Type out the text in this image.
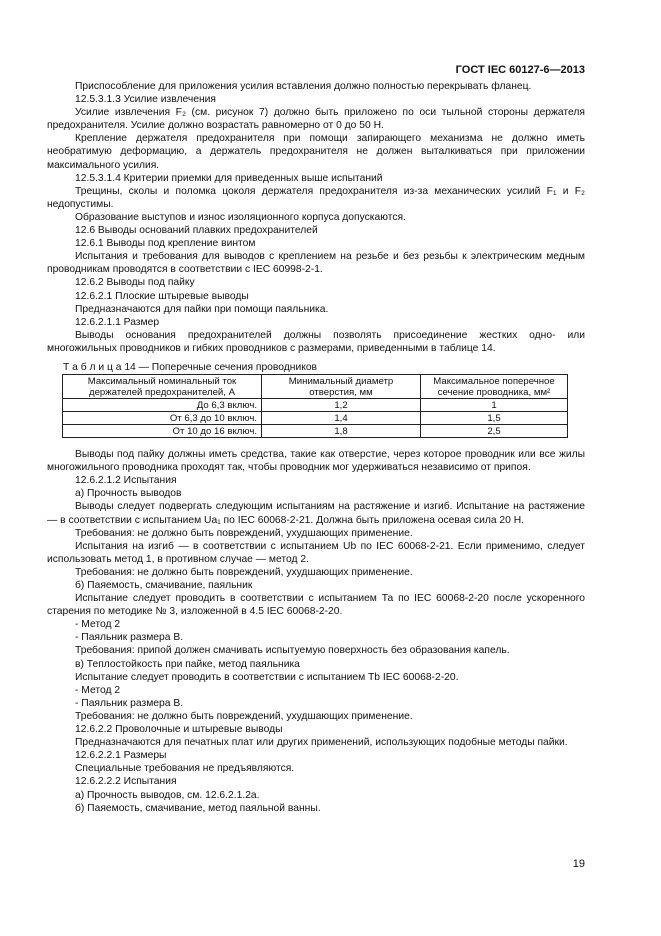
ГОСТ IEC 60127-6—2013

Приспособление для приложения усилия вставления должно полностью перекрывать фланец.

12.5.3.1.3 Усилие извлечения

Усилие извлечения F₂ (см. рисунок 7) должно быть приложено по оси тыльной стороны держателя предохранителя. Усилие должно возрастать равномерно от 0 до 50 Н.

Крепление держателя предохранителя при помощи запирающего механизма не должно иметь необратимую деформацию, а держатель предохранителя не должен выталкиваться при приложении максимального усилия.

12.5.3.1.4 Критерии приемки для приведенных выше испытаний

Трещины, сколы и поломка цоколя держателя предохранителя из-за механических усилий F₁ и F₂ недопустимы.

Образование выступов и износ изоляционного корпуса допускаются.

12.6 Выводы оснований плавких предохранителей

12.6.1 Выводы под крепление винтом

Испытания и требования для выводов с креплением на резьбе и без резьбы к электрическим медным проводникам проводятся в соответствии с IEC 60998-2-1.

12.6.2 Выводы под пайку

12.6.2.1 Плоские штыревые выводы

Предназначаются для пайки при помощи паяльника.

12.6.2.1.1 Размер

Выводы основания предохранителей должны позволять присоединение жестких одно- или многожильных проводников и гибких проводников с размерами, приведенными в таблице 14.

Т а б л и ц а 14 — Поперечные сечения проводников

Максимальный номинальный ток держателей предохранителей, А	Минимальный диаметр отверстия, мм	Максимальное поперечное сечение проводника, мм²
До 6,3 включ.	1,2	1
От 6,3 до 10 включ.	1,4	1,5
От 10 до 16 включ.	1,8	2,5

Выводы под пайку должны иметь средства, такие как отверстие, через которое проводник или все жилы многожильного проводника проходят так, чтобы проводник мог удерживаться независимо от припоя.

12.6.2.1.2 Испытания

а) Прочность выводов

Выводы следует подвергать следующим испытаниям на растяжение и изгиб. Испытание на растяжение — в соответствии с испытанием Ua₁ по IEC 60068-2-21. Должна быть приложена осевая сила 20 Н.

Требования: не должно быть повреждений, ухудшающих применение.

Испытания на изгиб — в соответствии с испытанием Ub по IEC 60068-2-21. Если применимо, следует использовать метод 1, в противном случае — метод 2.

Требования: не должно быть повреждений, ухудшающих применение.

б) Паяемость, смачивание, паяльник

Испытание следует проводить в соответствии с испытанием Та по IEC 60068-2-20 после ускоренного старения по методике № 3, изложенной в 4.5 IEC 60068-2-20.

- Метод 2

- Паяльник размера В.

Требования: припой должен смачивать испытуемую поверхность без образования капель.

в) Теплостойкость при пайке, метод паяльника

Испытание следует проводить в соответствии с испытанием Tb IEC 60068-2-20.

- Метод 2

- Паяльник размера В.

Требования: не должно быть повреждений, ухудшающих применение.

12.6.2.2 Проволочные и штыревые выводы

Предназначаются для печатных плат или других применений, использующих подобные методы пайки.

12.6.2.2.1 Размеры

Специальные требования не предъявляются.

12.6.2.2.2 Испытания

а) Прочность выводов, см. 12.6.2.1.2а.

б) Паяемость, смачивание, метод паяльной ванны.

19
